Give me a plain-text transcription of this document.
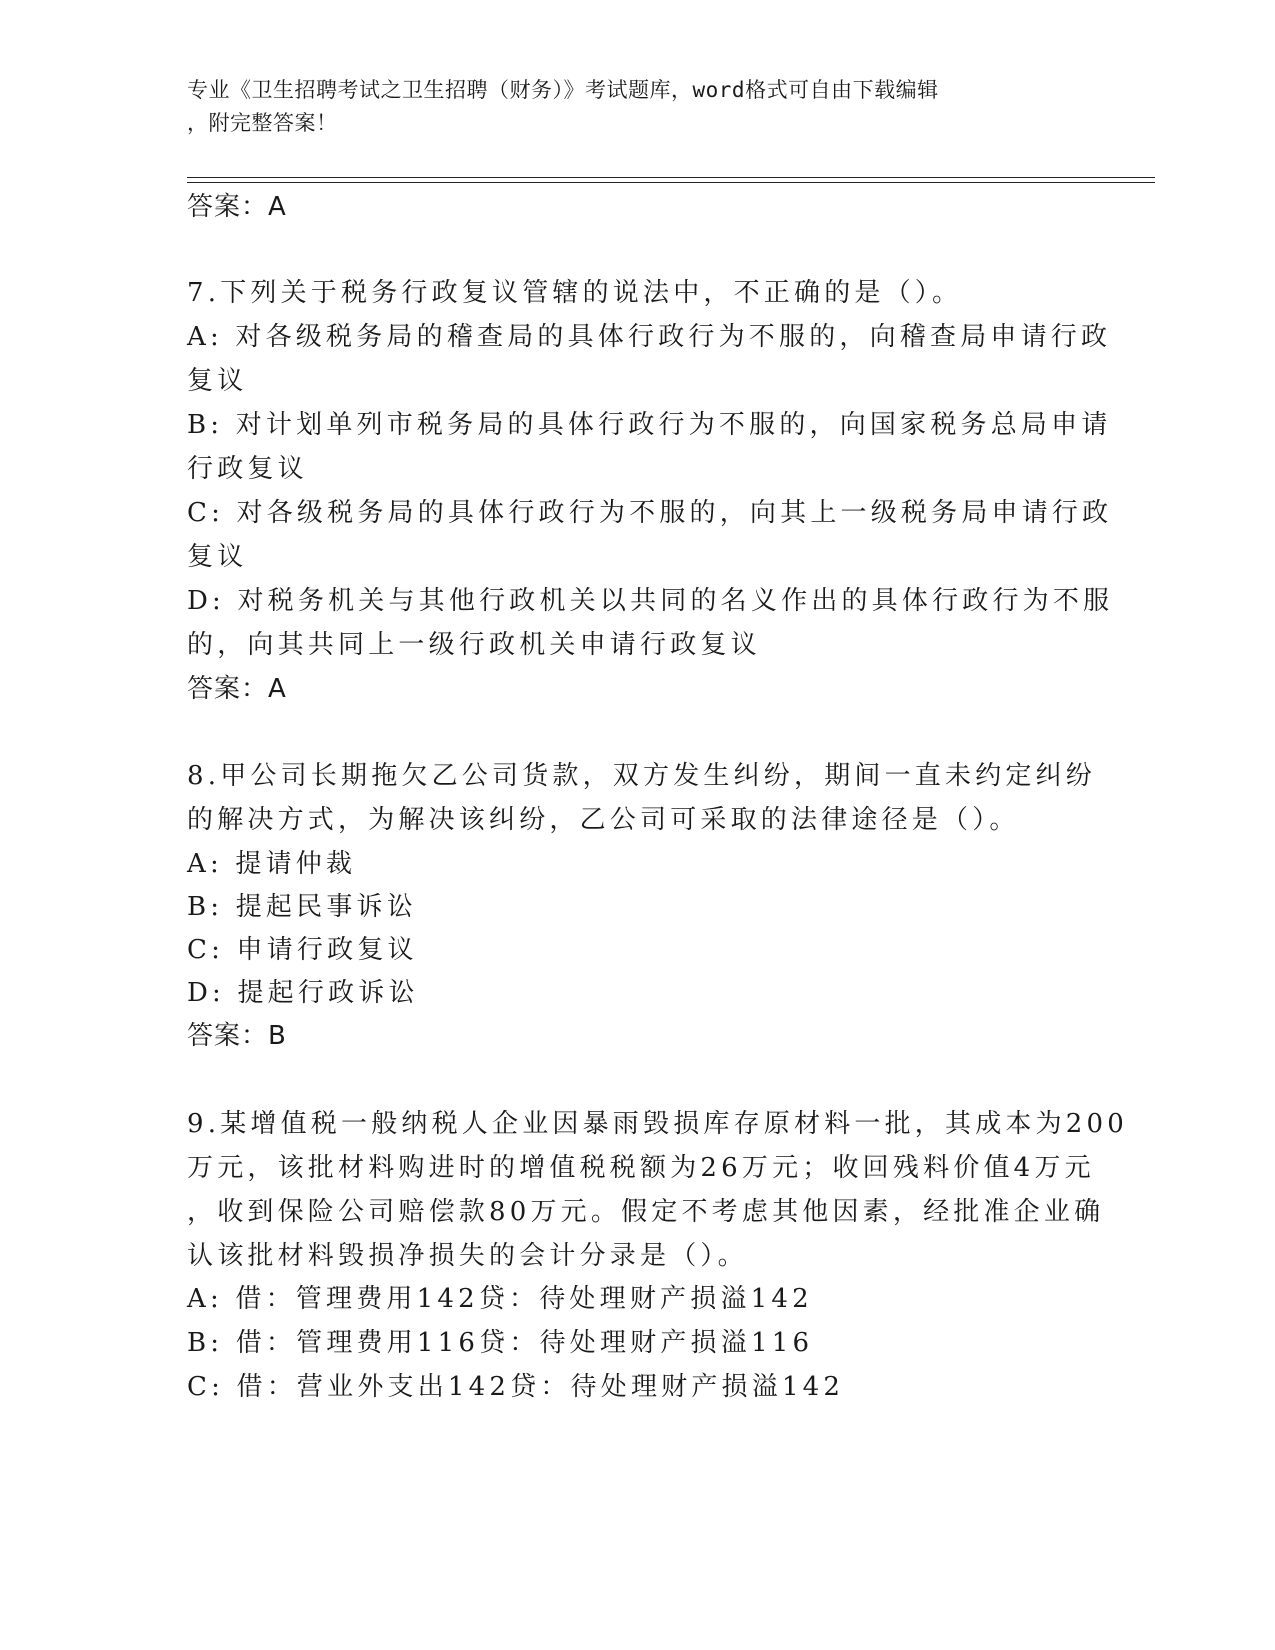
专业《卫生招聘考试之卫生招聘（财务）》考试题库，word格式可自由下载编辑
，附完整答案！
答案：A
7.下列关于税务行政复议管辖的说法中，不正确的是（）。
A: 对各级税务局的稽查局的具体行政行为不服的，向稽查局申请行政
复议
B: 对计划单列市税务局的具体行政行为不服的，向国家税务总局申请
行政复议
C: 对各级税务局的具体行政行为不服的，向其上一级税务局申请行政
复议
D: 对税务机关与其他行政机关以共同的名义作出的具体行政行为不服
的，向其共同上一级行政机关申请行政复议
答案：A
8.甲公司长期拖欠乙公司货款，双方发生纠纷，期间一直未约定纠纷
的解决方式，为解决该纠纷，乙公司可采取的法律途径是（）。
A: 提请仲裁
B: 提起民事诉讼
C: 申请行政复议
D: 提起行政诉讼
答案：B
9.某增值税一般纳税人企业因暴雨毁损库存原材料一批，其成本为200
万元，该批材料购进时的增值税税额为26万元；收回残料价值4万元
，收到保险公司赔偿款80万元。假定不考虑其他因素，经批准企业确
认该批材料毁损净损失的会计分录是（）。
A: 借：管理费用142贷：待处理财产损溢142
B: 借：管理费用116贷：待处理财产损溢116
C: 借：营业外支出142贷：待处理财产损溢142
